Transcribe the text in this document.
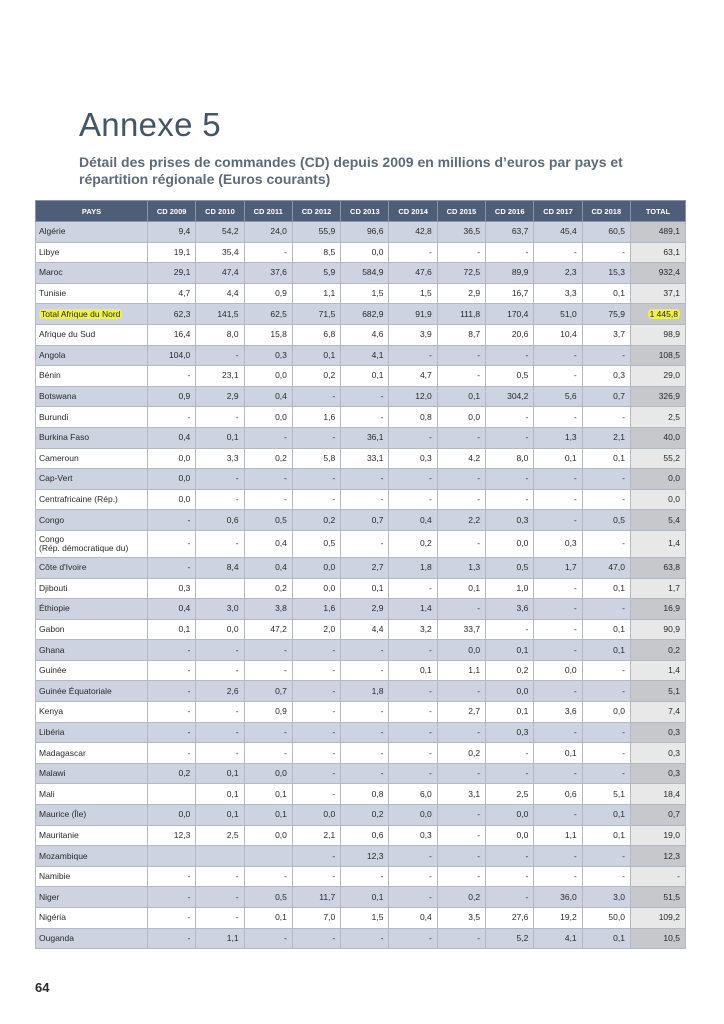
Annexe 5
Détail des prises de commandes (CD) depuis 2009 en millions d’euros par pays et répartition régionale (Euros courants)
PAYS	CD 2009	CD 2010	CD 2011	CD 2012	CD 2013	CD 2014	CD 2015	CD 2016	CD 2017	CD 2018	TOTAL
Algérie	9,4	54,2	24,0	55,9	96,6	42,8	36,5	63,7	45,4	60,5	489,1
Libye	19,1	35,4	-	8,5	0,0	-	-	-	-	-	63,1
Maroc	29,1	47,4	37,6	5,9	584,9	47,6	72,5	89,9	2,3	15,3	932,4
Tunisie	4,7	4,4	0,9	1,1	1,5	1,5	2,9	16,7	3,3	0,1	37,1
Total Afrique du Nord	62,3	141,5	62,5	71,5	682,9	91,9	111,8	170,4	51,0	75,9	1 445,8
Afrique du Sud	16,4	8,0	15,8	6,8	4,6	3,9	8,7	20,6	10,4	3,7	98,9
Angola	104,0	-	0,3	0,1	4,1	-	-	-	-	-	108,5
Bénin	-	23,1	0,0	0,2	0,1	4,7	-	0,5	-	0,3	29,0
Botswana	0,9	2,9	0,4	-	-	12,0	0,1	304,2	5,6	0,7	326,9
Burundi	-	-	0,0	1,6	-	0,8	0,0	-	-	-	2,5
Burkina Faso	0,4	0,1	-	-	36,1	-	-	-	1,3	2,1	40,0
Cameroun	0,0	3,3	0,2	5,8	33,1	0,3	4,2	8,0	0,1	0,1	55,2
Cap-Vert	0,0	-	-	-	-	-	-	-	-	-	0,0
Centrafricaine (Rép.)	0,0	-	-	-	-	-	-	-	-	-	0,0
Congo	-	0,6	0,5	0,2	0,7	0,4	2,2	0,3	-	0,5	5,4
Congo
(Rép. démocratique du)	-	-	0,4	0,5	-	0,2	-	0,0	0,3	-	1,4
Côte d'Ivoire	-	8,4	0,4	0,0	2,7	1,8	1,3	0,5	1,7	47,0	63,8
Djibouti	0,3		0,2	0,0	0,1	-	0,1	1,0	-	0,1	1,7
Éthiopie	0,4	3,0	3,8	1,6	2,9	1,4	-	3,6	-	-	16,9
Gabon	0,1	0,0	47,2	2,0	4,4	3,2	33,7	-	-	0,1	90,9
Ghana	-	-	-	-	-	-	0,0	0,1	-	0,1	0,2
Guinée	-	-	-	-	-	0,1	1,1	0,2	0,0	-	1,4
Guinée Équatoriale	-	2,6	0,7	-	1,8	-	-	0,0	-	-	5,1
Kenya	-	-	0,9	-	-	-	2,7	0,1	3,6	0,0	7,4
Libéria	-	-	-	-	-	-	-	0,3	-	-	0,3
Madagascar	-	-	-	-	-	-	0,2	-	0,1	-	0,3
Malawi	0,2	0,1	0,0	-	-	-	-	-	-	-	0,3
Mali		0,1	0,1	-	0,8	6,0	3,1	2,5	0,6	5,1	18,4
Maurice (Île)	0,0	0,1	0,1	0,0	0,2	0,0	-	0,0	-	0,1	0,7
Mauritanie	12,3	2,5	0,0	2,1	0,6	0,3	-	0,0	1,1	0,1	19,0
Mozambique				-	12,3	-	-	-	-	-	12,3
Namibie	-	-	-	-	-	-	-	-	-	-	-
Niger	-	-	0,5	11,7	0,1	-	0,2	-	36,0	3,0	51,5
Nigéria	-	-	0,1	7,0	1,5	0,4	3,5	27,6	19,2	50,0	109,2
Ouganda	-	1,1	-	-	-	-	-	5,2	4,1	0,1	10,5
64
